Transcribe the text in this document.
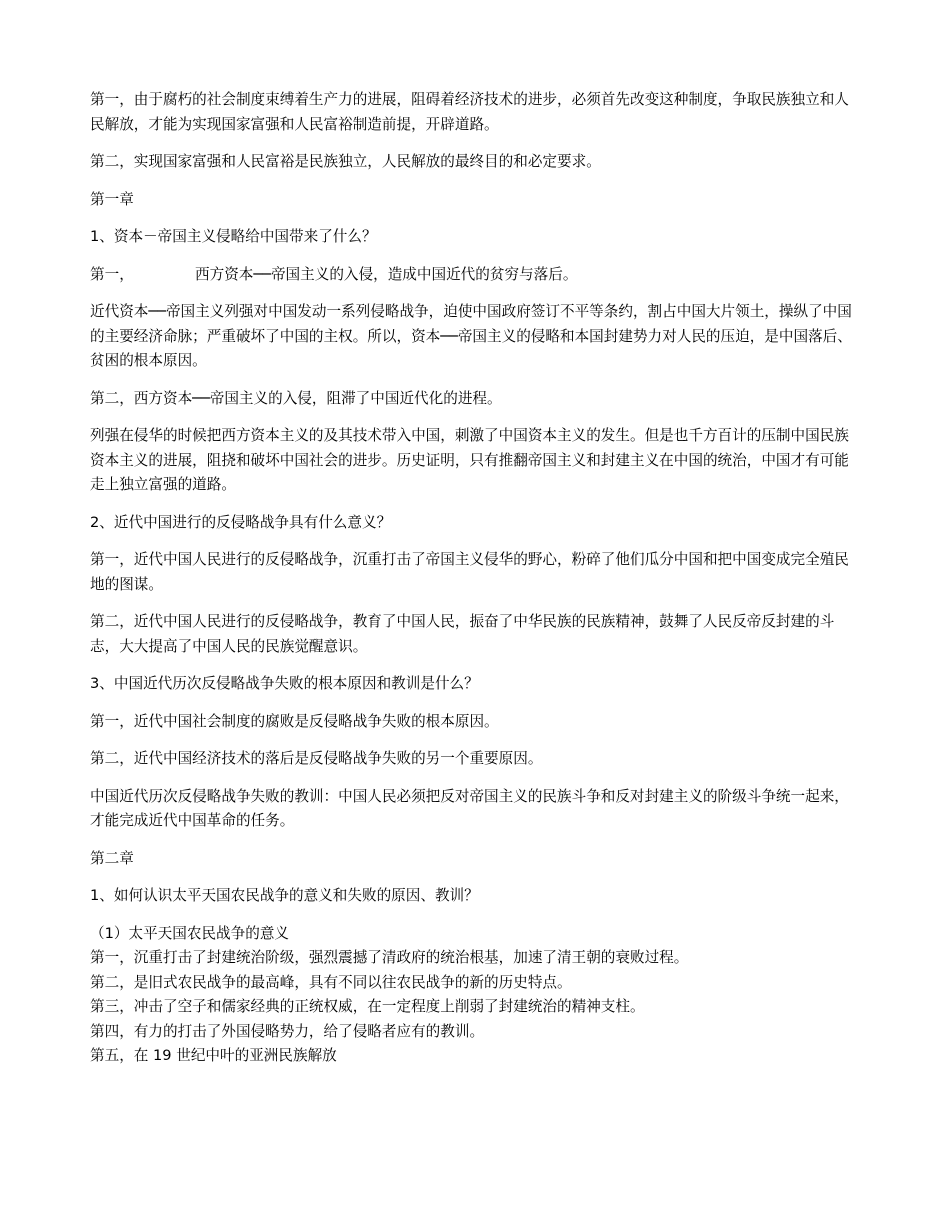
第一，由于腐朽的社会制度束缚着生产力的进展，阻碍着经济技术的进步，必须首先改变这种制度，争取民族独立和人民解放，才能为实现国家富强和人民富裕制造前提，开辟道路。

第二，实现国家富强和人民富裕是民族独立，人民解放的最终目的和必定要求。

第一章

1、资本－帝国主义侵略给中国带来了什么？

第一，	西方资本──帝国主义的入侵，造成中国近代的贫穷与落后。

近代资本──帝国主义列强对中国发动一系列侵略战争，迫使中国政府签订不平等条约，割占中国大片领土，操纵了中国的主要经济命脉；严重破坏了中国的主权。所以，资本──帝国主义的侵略和本国封建势力对人民的压迫，是中国落后、贫困的根本原因。

第二，西方资本──帝国主义的入侵，阻滞了中国近代化的进程。

列强在侵华的时候把西方资本主义的及其技术带入中国，刺激了中国资本主义的发生。但是也千方百计的压制中国民族资本主义的进展，阻挠和破坏中国社会的进步。历史证明，只有推翻帝国主义和封建主义在中国的统治，中国才有可能走上独立富强的道路。

2、近代中国进行的反侵略战争具有什么意义？

第一，近代中国人民进行的反侵略战争，沉重打击了帝国主义侵华的野心，粉碎了他们瓜分中国和把中国变成完全殖民地的图谋。

第二，近代中国人民进行的反侵略战争，教育了中国人民，振奋了中华民族的民族精神，鼓舞了人民反帝反封建的斗志，大大提高了中国人民的民族觉醒意识。

3、中国近代历次反侵略战争失败的根本原因和教训是什么？

第一，近代中国社会制度的腐败是反侵略战争失败的根本原因。

第二，近代中国经济技术的落后是反侵略战争失败的另一个重要原因。

中国近代历次反侵略战争失败的教训：中国人民必须把反对帝国主义的民族斗争和反对封建主义的阶级斗争统一起来，才能完成近代中国革命的任务。

第二章

1、如何认识太平天国农民战争的意义和失败的原因、教训？

（1）太平天国农民战争的意义

第一，沉重打击了封建统治阶级，强烈震撼了清政府的统治根基，加速了清王朝的衰败过程。

第二，是旧式农民战争的最高峰，具有不同以往农民战争的新的历史特点。

第三，冲击了空子和儒家经典的正统权威，在一定程度上削弱了封建统治的精神支柱。

第四，有力的打击了外国侵略势力，给了侵略者应有的教训。

第五，在 19 世纪中叶的亚洲民族解放
